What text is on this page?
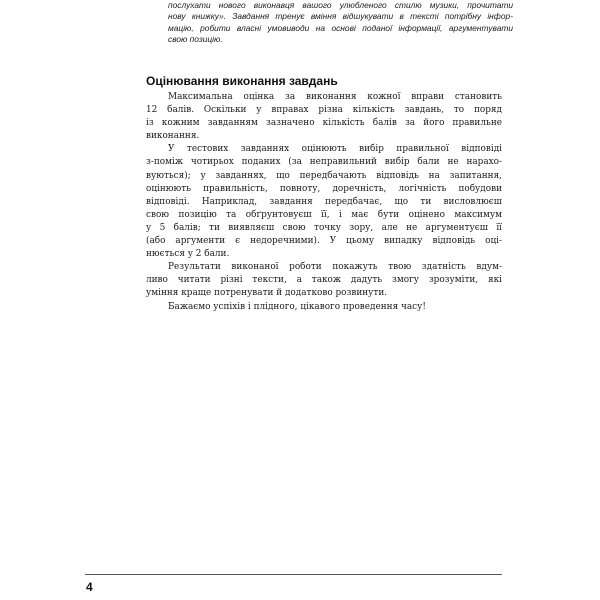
послухати нового виконавця вашого улюбленого стилю музики, прочитати
нову книжку». Завдання тренує вміння відшукувати в тексті потрібну інфор-
мацію, робити власні умовиводи на основі поданої інформації, аргументувати
свою позицію.
Оцінювання виконання завдань
Максимальна оцінка за виконання кожної вправи становить
12 балів. Оскільки у вправах різна кількість завдань, то поряд
із кожним завданням зазначено кількість балів за його правильне
виконання.
У тестових завданнях оцінюють вибір правильної відповіді
з-поміж чотирьох поданих (за неправильний вибір бали не нарахо-
вуються); у завданнях, що передбачають відповідь на запитання,
оцінюють правильність, повноту, доречність, логічність побудови
відповіді. Наприклад, завдання передбачає, що ти висловлюєш
свою позицію та обґрунтовуєш її, і має бути оцінено максимум
у 5 балів; ти виявляєш свою точку зору, але не аргументуєш її
(або аргументи є недоречними). У цьому випадку відповідь оці-
нюється у 2 бали.
Результати виконаної роботи покажуть твою здатність вдум-
ливо читати різні тексти, а також дадуть змогу зрозуміти, які
уміння краще потренувати й додатково розвинути.
Бажаємо успіхів і плідного, цікавого проведення часу!
4
